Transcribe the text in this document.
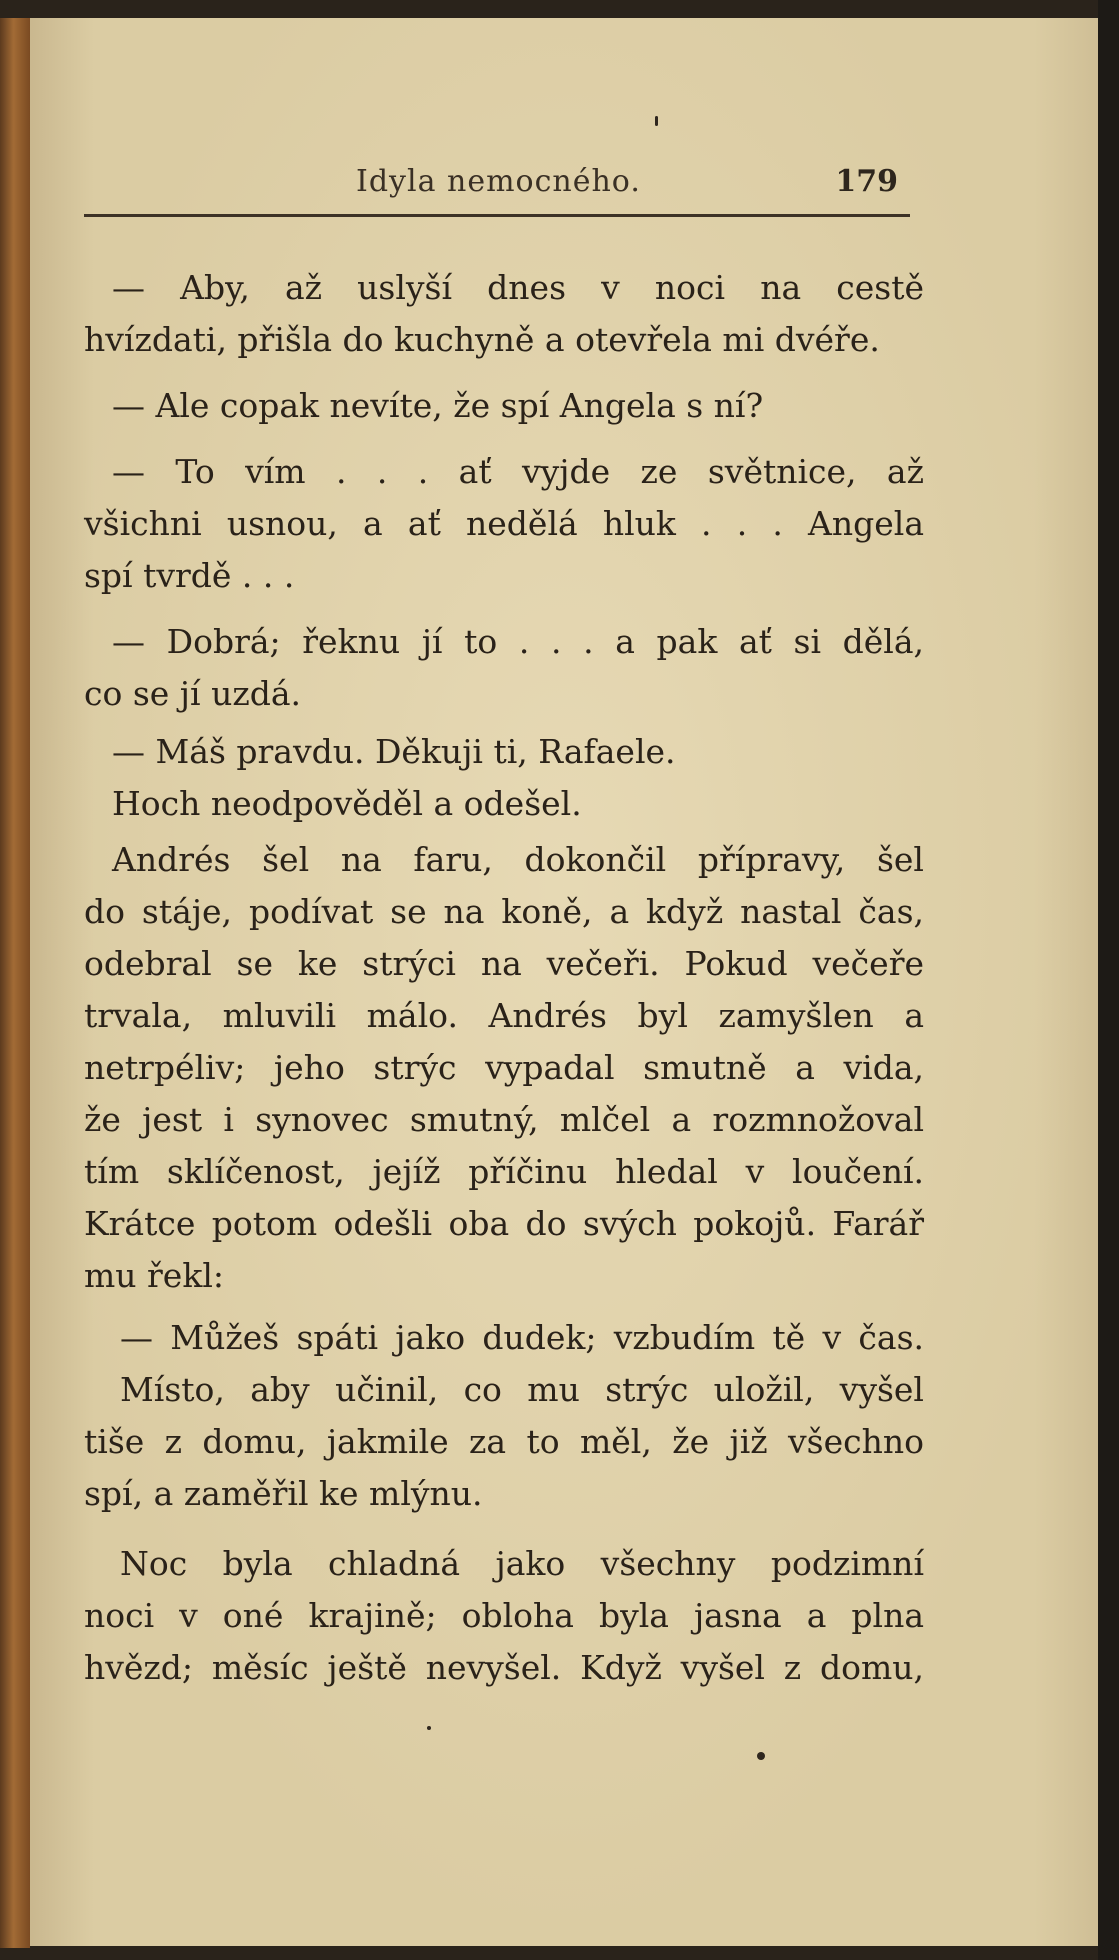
Idyla nemocného.	179
— Aby, až uslyší dnes v noci na cestě
hvízdati, přišla do kuchyně a otevřela mi dvéře.
— Ale copak nevíte, že spí Angela s ní?
— To vím . . . ať vyjde ze světnice, až
všichni usnou, a ať nedělá hluk . . . Angela
spí tvrdě . . .
— Dobrá; řeknu jí to . . . a pak ať si dělá,
co se jí uzdá.
— Máš pravdu. Děkuji ti, Rafaele.
Hoch neodpověděl a odešel.
Andrés šel na faru, dokončil přípravy, šel
do stáje, podívat se na koně, a když nastal čas,
odebral se ke strýci na večeři. Pokud večeře
trvala, mluvili málo. Andrés byl zamyšlen a
netrpéliv; jeho strýc vypadal smutně a vida,
že jest i synovec smutný, mlčel a rozmnožoval
tím sklíčenost, jejíž příčinu hledal v loučení.
Krátce potom odešli oba do svých pokojů. Farář
mu řekl:
— Můžeš spáti jako dudek; vzbudím tě v čas.
Místo, aby učinil, co mu strýc uložil, vyšel
tiše z domu, jakmile za to měl, že již všechno
spí, a zaměřil ke mlýnu.
Noc byla chladná jako všechny podzimní
noci v oné krajině; obloha byla jasna a plna
hvězd; měsíc ještě nevyšel. Když vyšel z domu,
